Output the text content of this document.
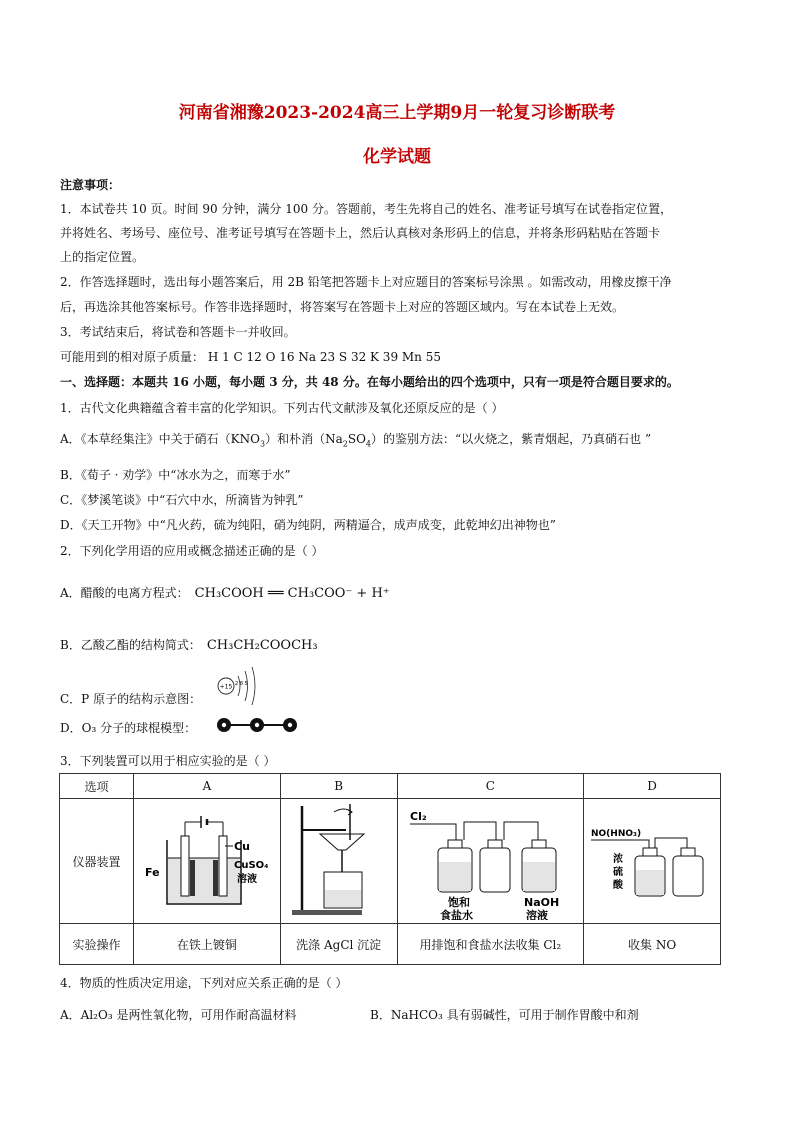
河南省湘豫2023-2024高三上学期9月一轮复习诊断联考
化学试题
注意事项：
1．本试卷共 10 页。时间 90 分钟，满分 100 分。答题前，考生先将自己的姓名、准考证号填写在试卷指定位置，
并将姓名、考场号、座位号、准考证号填写在答题卡上，然后认真核对条形码上的信息，并将条形码粘贴在答题卡
上的指定位置。
2．作答选择题时，选出每小题答案后，用 2B 铅笔把答题卡上对应题目的答案标号涂黑 。如需改动，用橡皮擦干净
后，再选涂其他答案标号。作答非选择题时，将答案写在答题卡上对应的答题区域内。写在本试卷上无效。
3．考试结束后，将试卷和答题卡一并收回。
可能用到的相对原子质量： H 1 C 12 O 16 Na 23 S 32 K 39 Mn 55
一、选择题：本题共 16 小题，每小题 3 分，共 48 分。在每小题给出的四个选项中，只有一项是符合题目要求的。
1．古代文化典籍蕴含着丰富的化学知识。下列古代文献涉及氧化还原反应的是（ ）
A．《本草经集注》中关于硝石$(KNO_3)$和朴消$(Na_2SO_4)$的鉴别方法：“以火烧之，紫青烟起，乃真硝石也 ”
B．《荀子 · 劝学》中“冰水为之，而寒于水”
C．《梦溪笔谈》中“石穴中水，所滴皆为钟乳”
D．《天工开物》中“凡火药，硫为纯阳，硝为纯阴，两精逼合，成声成变，此乾坤幻出神物也”
2．下列化学用语的应用或概念描述正确的是（ ）
A．醋酸的电离方程式： CH₃COOH ══ CH₃COO⁻ + H⁺
B．乙酸乙酯的结构简式： CH₃CH₂COOCH₃
C．P 原子的结构示意图：
+15 2 8 5
D．O₃ 分子的球棍模型：
3．下列装置可以用于相应实验的是（ ）
选项	A	B	C	D
仪器装置	Cu
Fe
CuSO₄
溶液		Cl₂
饱和
食盐水
NaOH
溶液	NO(HNO₃)
浓
硫
酸

实验操作	在铁上镀铜	洗涤 AgCl 沉淀	用排饱和食盐水法收集 Cl₂	收集 NO
4．物质的性质决定用途，下列对应关系正确的是（ ）
A．Al₂O₃ 是两性氧化物，可用作耐高温材料	B．NaHCO₃ 具有弱碱性，可用于制作胃酸中和剂
